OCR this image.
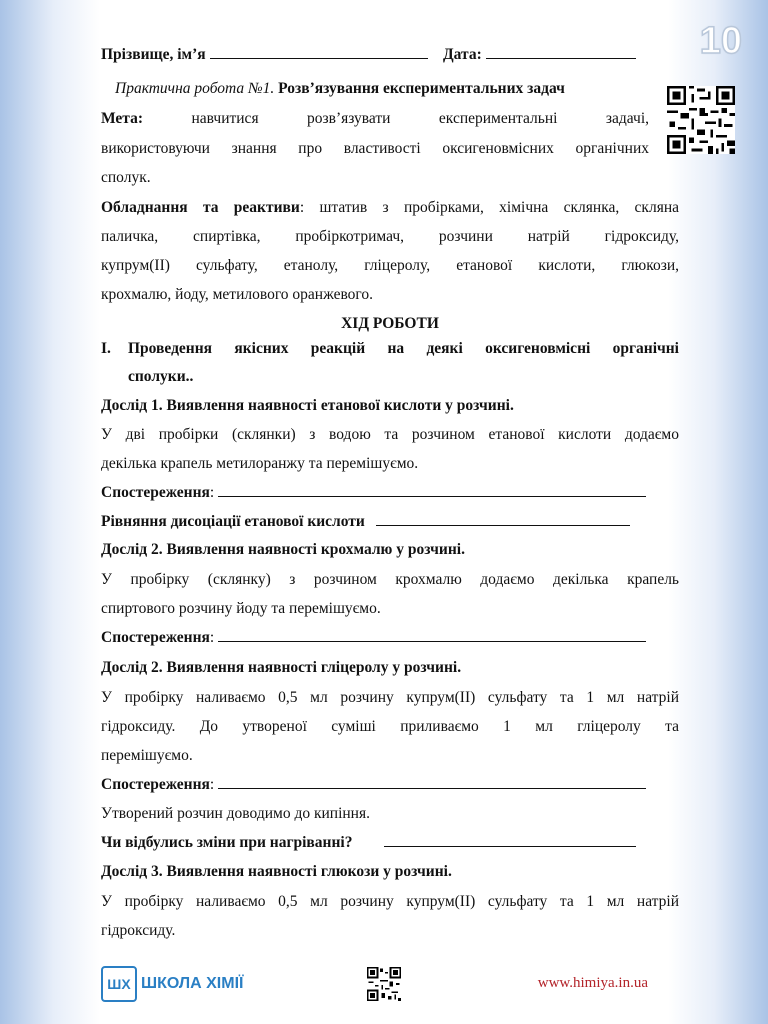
10
Прізвище, ім’я	Дата:
Практична робота №1. Розв’язування експериментальних задач
Мета:	навчитися розв’язувати експериментальні задачі,
використовуючи знання про властивості оксигеновмісних органічних
сполук.
Обладнання та реактиви: штатив з пробірками, хімічна склянка, скляна
паличка, спиртівка, пробіркотримач, розчини натрій гідроксиду,
купрум(II) сульфату, етанолу, гліцеролу, етанової кислоти, глюкози,
крохмалю, йоду, метилового оранжевого.
ХІД РОБОТИ
I. Проведення якісних реакцій на деякі оксигеновмісні органічні
сполуки..
Дослід 1. Виявлення наявності етанової кислоти у розчині.
У дві пробірки (склянки) з водою та розчином етанової кислоти додаємо
декілька крапель метилоранжу та перемішуємо.
Спостереження:
Рівняння дисоціації етанової кислоти
Дослід 2. Виявлення наявності крохмалю у розчині.
У пробірку (склянку) з розчином крохмалю додаємо декілька крапель
спиртового розчину йоду та перемішуємо.
Спостереження:
Дослід 2. Виявлення наявності гліцеролу у розчині.
У пробірку наливаємо 0,5 мл розчину купрум(II) сульфату та 1 мл натрій
гідроксиду. До утвореної суміші приливаємо 1 мл гліцеролу та
перемішуємо.
Спостереження:
Утворений розчин доводимо до кипіння.
Чи відбулись зміни при нагріванні?
Дослід 3. Виявлення наявності глюкози у розчині.
У пробірку наливаємо 0,5 мл розчину купрум(II) сульфату та 1 мл натрій
гідроксиду.
ШХ ШКОЛА ХІМІЇ	www.himiya.in.ua
